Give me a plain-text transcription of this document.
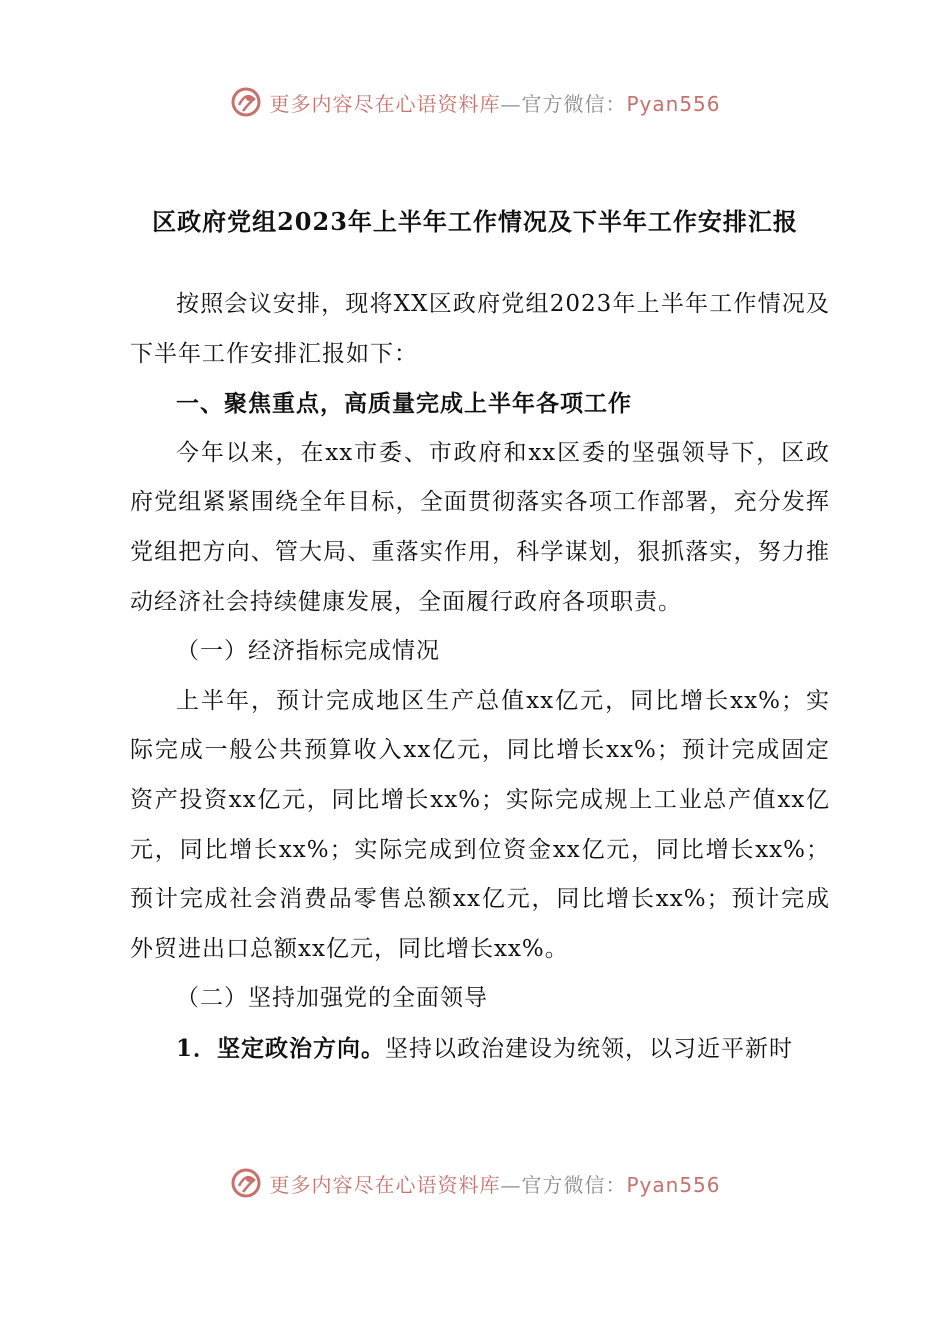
更多内容尽在心语资料库—官方微信：Pyan556
区政府党组2023年上半年工作情况及下半年工作安排汇报

按照会议安排，现将XX区政府党组2023年上半年工作情况及下半年工作安排汇报如下：

一、聚焦重点，高质量完成上半年各项工作

今年以来，在xx市委、市政府和xx区委的坚强领导下，区政府党组紧紧围绕全年目标，全面贯彻落实各项工作部署，充分发挥党组把方向、管大局、重落实作用，科学谋划，狠抓落实，努力推动经济社会持续健康发展，全面履行政府各项职责。

（一）经济指标完成情况

上半年，预计完成地区生产总值xx亿元，同比增长xx%；实际完成一般公共预算收入xx亿元，同比增长xx%；预计完成固定资产投资xx亿元，同比增长xx%；实际完成规上工业总产值xx亿元，同比增长xx%；实际完成到位资金xx亿元，同比增长xx%；预计完成社会消费品零售总额xx亿元，同比增长xx%；预计完成外贸进出口总额xx亿元，同比增长xx%。

（二）坚持加强党的全面领导

1．坚定政治方向。坚持以政治建设为统领，以习近平新时

更多内容尽在心语资料库—官方微信：Pyan556
